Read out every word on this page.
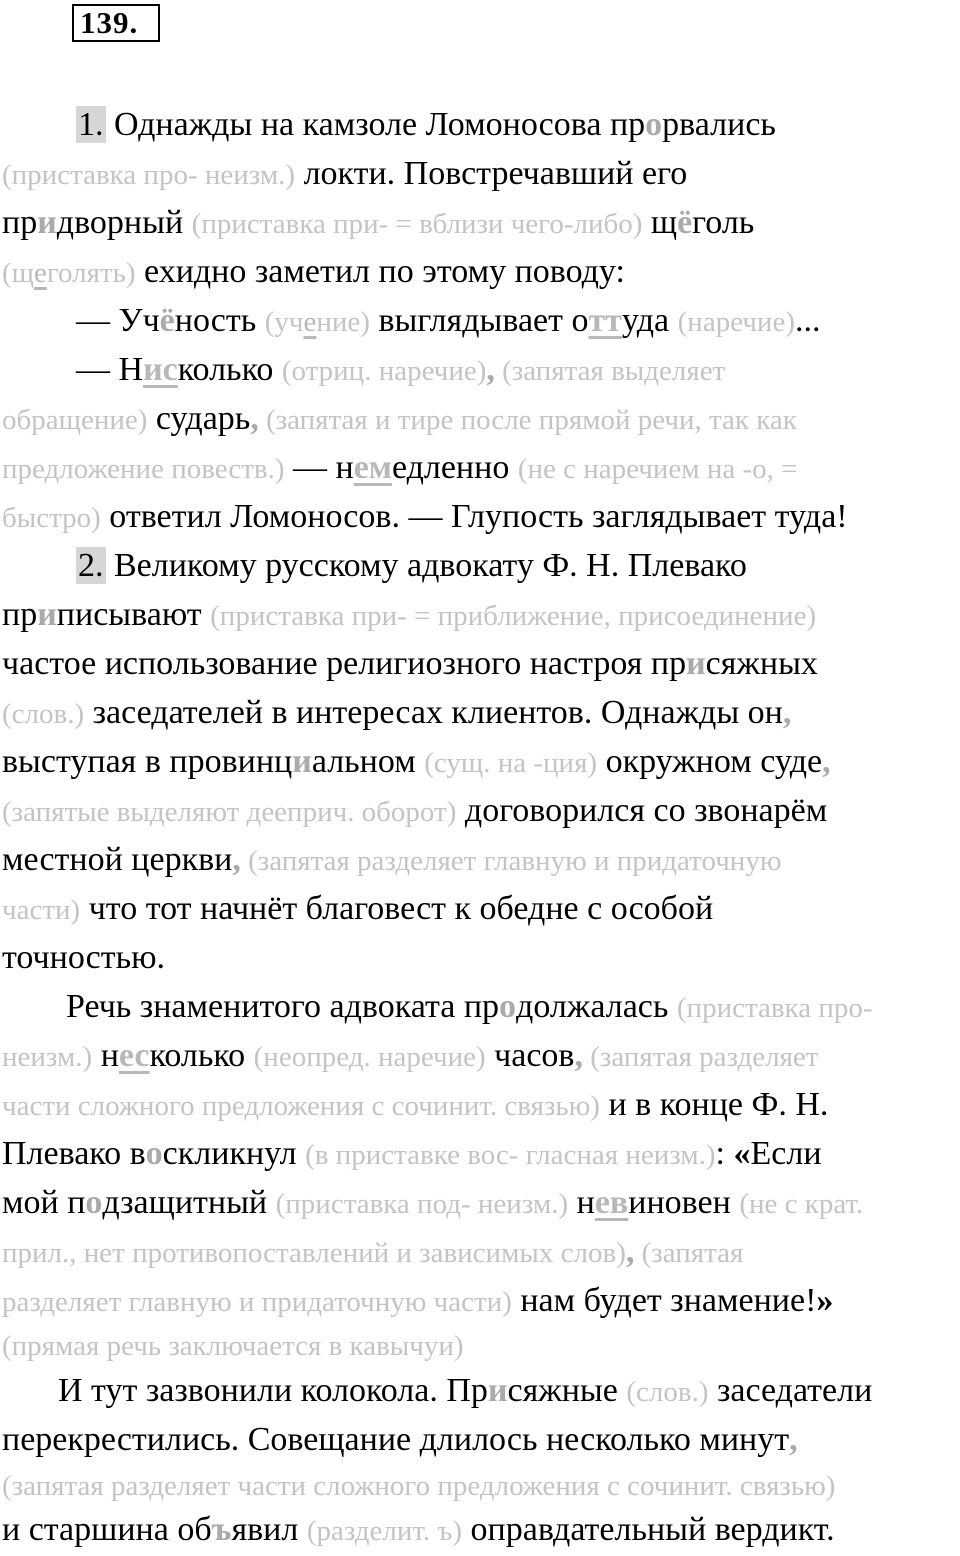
139.
1. Однажды на камзоле Ломоносова прорвались
(приставка про- неизм.) локти. Повстречавший его
придворный (приставка при- = вблизи чего-либо) щёголь
(щеголять) ехидно заметил по этому поводу:
— Учёность (учение) выглядывает оттуда (наречие)...
— Нисколько (отриц. наречие), (запятая выделяет
обращение) сударь, (запятая и тире после прямой речи, так как
предложение повеств.) — немедленно (не с наречием на -о, =
быстро) ответил Ломоносов. — Глупость заглядывает туда!
2. Великому русскому адвокату Ф. Н. Плевако
приписывают (приставка при- = приближение, присоединение)
частое использование религиозного настроя присяжных
(слов.) заседателей в интересах клиентов. Однажды он,
выступая в провинциальном (сущ. на -ция) окружном суде,
(запятые выделяют дееприч. оборот) договорился со звонарём
местной церкви, (запятая разделяет главную и придаточную
части) что тот начнёт благовест к обедне с особой
точностью.
Речь знаменитого адвоката продолжалась (приставка про-
неизм.) несколько (неопред. наречие) часов, (запятая разделяет
части сложного предложения с сочинит. связью) и в конце Ф. Н.
Плевако воскликнул (в приставке вос- гласная неизм.): «Если
мой подзащитный (приставка под- неизм.) невиновен (не с крат.
прил., нет противопоставлений и зависимых слов), (запятая
разделяет главную и придаточную части) нам будет знамение!»
(прямая речь заключается в кавычуи)
И тут зазвонили колокола. Присяжные (слов.) заседатели
перекрестились. Совещание длилось несколько минут,
(запятая разделяет части сложного предложения с сочинит. связью)
и старшина объявил (разделит. ъ) оправдательный вердикт.
